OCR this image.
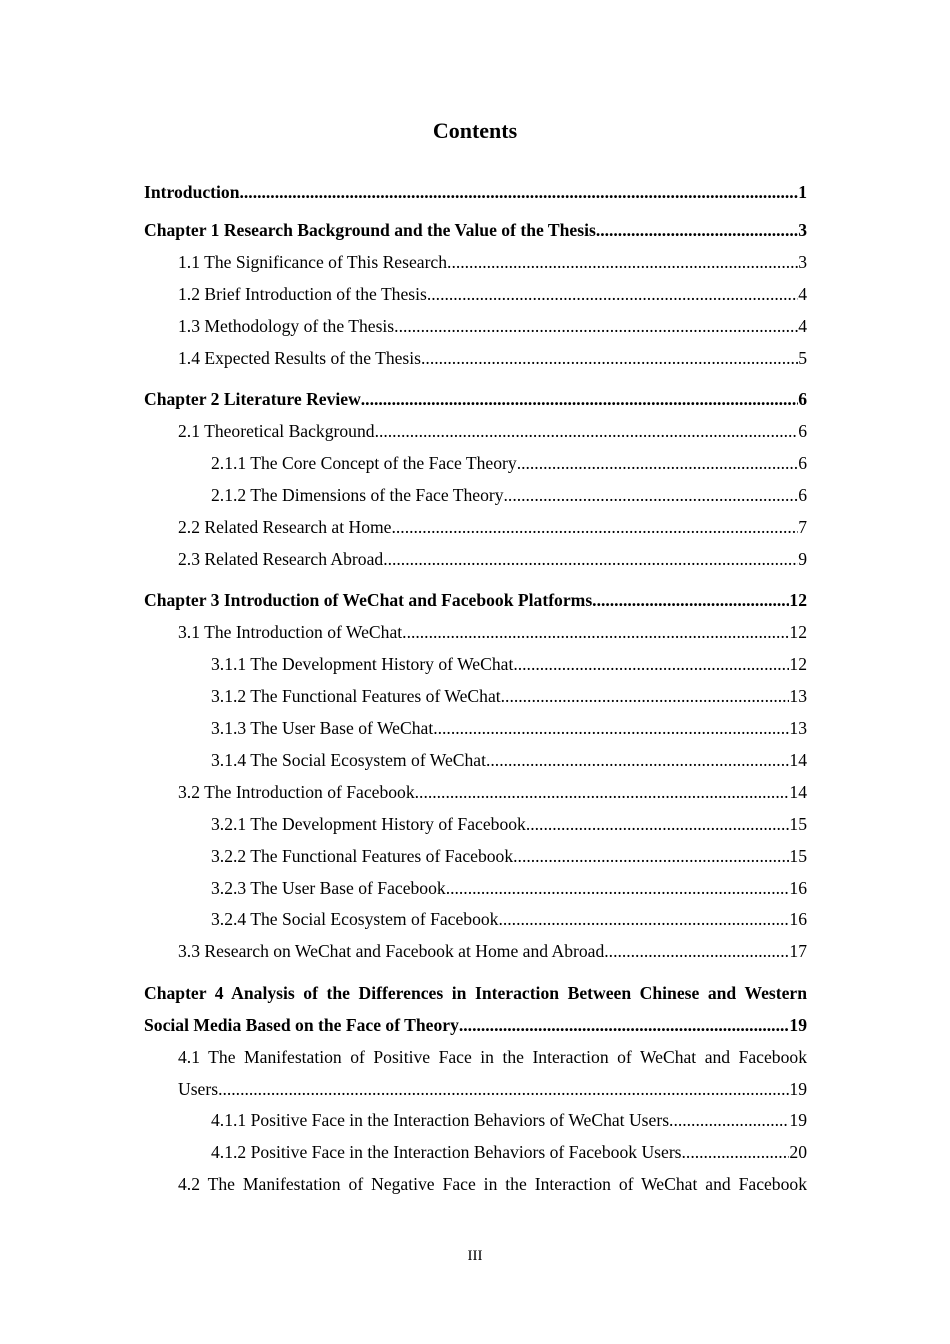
Contents
Introduction .....	1
Chapter 1 Research Background and the Value of the Thesis .....	3
1.1 The Significance of This Research .....	3
1.2 Brief Introduction of the Thesis .....	4
1.3 Methodology of the Thesis .....	4
1.4 Expected Results of the Thesis .....	5
Chapter 2 Literature Review .....	6
2.1 Theoretical Background .....	6
2.1.1 The Core Concept of the Face Theory .....	6
2.1.2 The Dimensions of the Face Theory .....	6
2.2 Related Research at Home .....	7
2.3 Related Research Abroad .....	9
Chapter 3 Introduction of WeChat and Facebook Platforms .....	12
3.1 The Introduction of WeChat .....	12
3.1.1 The Development History of WeChat .....	12
3.1.2 The Functional Features of WeChat .....	13
3.1.3 The User Base of WeChat .....	13
3.1.4 The Social Ecosystem of WeChat .....	14
3.2 The Introduction of Facebook .....	14
3.2.1 The Development History of Facebook .....	15
3.2.2 The Functional Features of Facebook .....	15
3.2.3 The User Base of Facebook .....	16
3.2.4 The Social Ecosystem of Facebook .....	16
3.3 Research on WeChat and Facebook at Home and Abroad .....	17
Chapter 4 Analysis of the Differences in Interaction Between Chinese and Western
Social Media Based on the Face of Theory .....	19
4.1 The Manifestation of Positive Face in the Interaction of WeChat and Facebook
Users .....	19
4.1.1 Positive Face in the Interaction Behaviors of WeChat Users .....	19
4.1.2 Positive Face in the Interaction Behaviors of Facebook Users .....	20
4.2 The Manifestation of Negative Face in the Interaction of WeChat and Facebook
III
